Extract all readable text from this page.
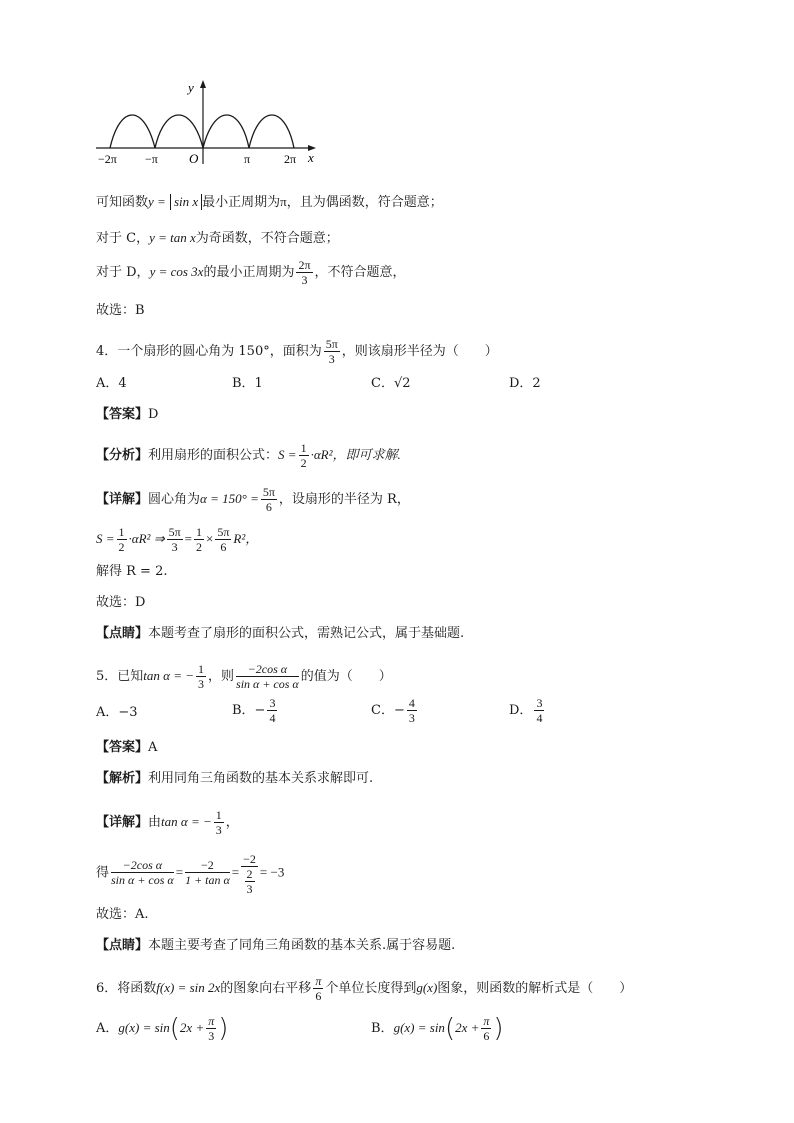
y
x
O
−2π −π	π	2π
可知函数y = sin x 最小正周期为π，且为偶函数，符合题意；
对于 C，y = tan x为奇函数，不符合题意；
对于 D，y = cos 3x的最小正周期为 $\frac{2\pi}{3}$ ，不符合题意，
故选：B
4．一个扇形的圆心角为 150°，面积为 $\frac{5\pi}{3}$ ，则该扇形半径为（　　）
A．4	B．1	C．√2	D．2
【答案】D
【分析】利用扇形的面积公式：$S = \frac{1}{2} \cdot\alpha R^2$，即可求解.
【详解】圆心角为$\alpha = 150^\circ = \frac{5\pi}{6}$ ，设扇形的半径为 R，
$S = \frac{1}{2} \cdot\alpha R^2$ ⇒ $\frac{5\pi}{3} = \frac{1}{2} \times \frac{5\pi}{6} R^2$，
解得 R = 2.
故选：D
【点睛】本题考查了扇形的面积公式，需熟记公式，属于基础题.
5．已知tan α = − $\frac{1}{3}$ ，则 $\frac{\text{−2cos α}}{\text{sin α + cos α}}$ 的值为（　　）
A．−3	B．− $\frac{3}{4}$	C．− $\frac{4}{3}$	D． $\frac{3}{4}$
【答案】A
【解析】利用同角三角函数的基本关系求解即可.
【详解】由tan α = − $\frac{1}{3}$ ，
得 $\frac{\text{−2cos α}}{\text{sin α + cos α}} = \frac{-2}{\text{1 + tan α}} = \frac{-2}{\frac{2}{3}} = -3$
故选：A.
【点睛】本题主要考查了同角三角函数的基本关系.属于容易题.
6．将函数f(x) = sin 2x的图象向右平移 $\frac{\pi}{6}$ 个单位长度得到g(x)图象，则函数的解析式是（　　）
A．$g(x) = \sin(2x + \frac{\pi}{3}$ )	B．$g(x) = \sin(2x + \frac{\pi}{6}$ )
